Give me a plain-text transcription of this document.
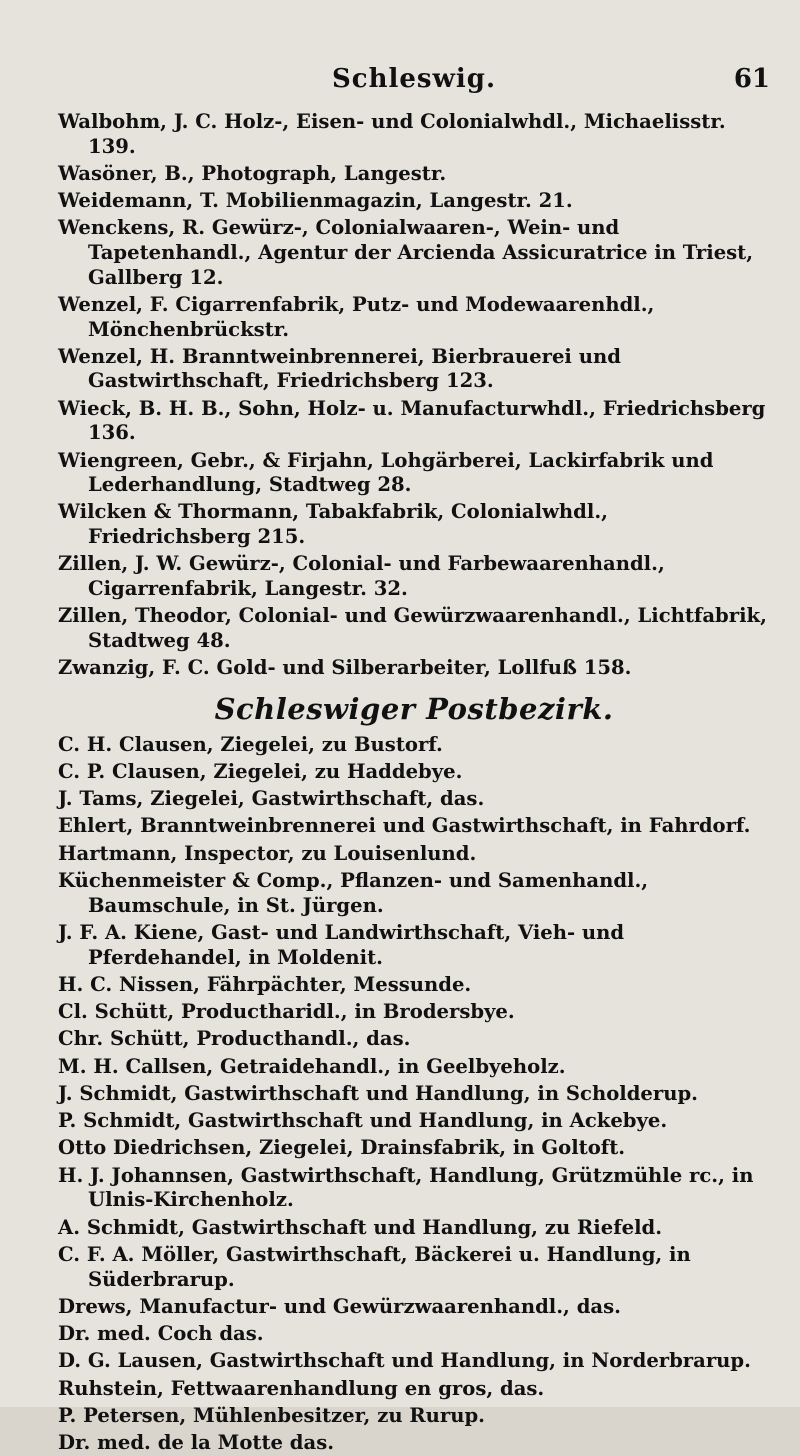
Schleswig.	61

Walbohm, J. C. Holz-, Eisen- und Colonialwhdl., Michaelisstr. 139.

Wasöner, B., Photograph, Langestr.

Weidemann, T. Mobilienmagazin, Langestr. 21.

Wenckens, R. Gewürz-, Colonialwaaren-, Wein- und Tapetenhandl., Agentur der Arcienda Assicuratrice in Triest, Gallberg 12.

Wenzel, F. Cigarrenfabrik, Putz- und Modewaarenhdl., Mönchenbrückstr.

Wenzel, H. Branntweinbrennerei, Bierbrauerei und Gastwirthschaft, Friedrichsberg 123.

Wieck, B. H. B., Sohn, Holz- u. Manufacturwhdl., Friedrichsberg 136.

Wiengreen, Gebr., & Firjahn, Lohgärberei, Lackirfabrik und Lederhandlung, Stadtweg 28.

Wilcken & Thormann, Tabakfabrik, Colonialwhdl., Friedrichsberg 215.

Zillen, J. W. Gewürz-, Colonial- und Farbewaarenhandl., Cigarrenfabrik, Langestr. 32.

Zillen, Theodor, Colonial- und Gewürzwaarenhandl., Lichtfabrik, Stadtweg 48.

Zwanzig, F. C. Gold- und Silberarbeiter, Lollfuß 158.

Schleswiger Postbezirk.

C. H. Clausen, Ziegelei, zu Bustorf.

C. P. Clausen, Ziegelei, zu Haddebye.

J. Tams, Ziegelei, Gastwirthschaft, das.

Ehlert, Branntweinbrennerei und Gastwirthschaft, in Fahrdorf.

Hartmann, Inspector, zu Louisenlund.

Küchenmeister & Comp., Pflanzen- und Samenhandl., Baumschule, in St. Jürgen.

J. F. A. Kiene, Gast- und Landwirthschaft, Vieh- und Pferdehandel, in Moldenit.

H. C. Nissen, Fährpächter, Messunde.

Cl. Schütt, Productharidl., in Brodersbye.

Chr. Schütt, Producthandl., das.

M. H. Callsen, Getraidehandl., in Geelbyeholz.

J. Schmidt, Gastwirthschaft und Handlung, in Scholderup.

P. Schmidt, Gastwirthschaft und Handlung, in Ackebye.

Otto Diedrichsen, Ziegelei, Drainsfabrik, in Goltoft.

H. J. Johannsen, Gastwirthschaft, Handlung, Grützmühle rc., in Ulnis-Kirchenholz.

A. Schmidt, Gastwirthschaft und Handlung, zu Riefeld.

C. F. A. Möller, Gastwirthschaft, Bäckerei u. Handlung, in Süderbrarup.

Drews, Manufactur- und Gewürzwaarenhandl., das.

Dr. med. Coch das.

D. G. Lausen, Gastwirthschaft und Handlung, in Norderbrarup.

Ruhstein, Fettwaarenhandlung en gros, das.

P. Petersen, Mühlenbesitzer, zu Rurup.

Dr. med. de la Motte das.
